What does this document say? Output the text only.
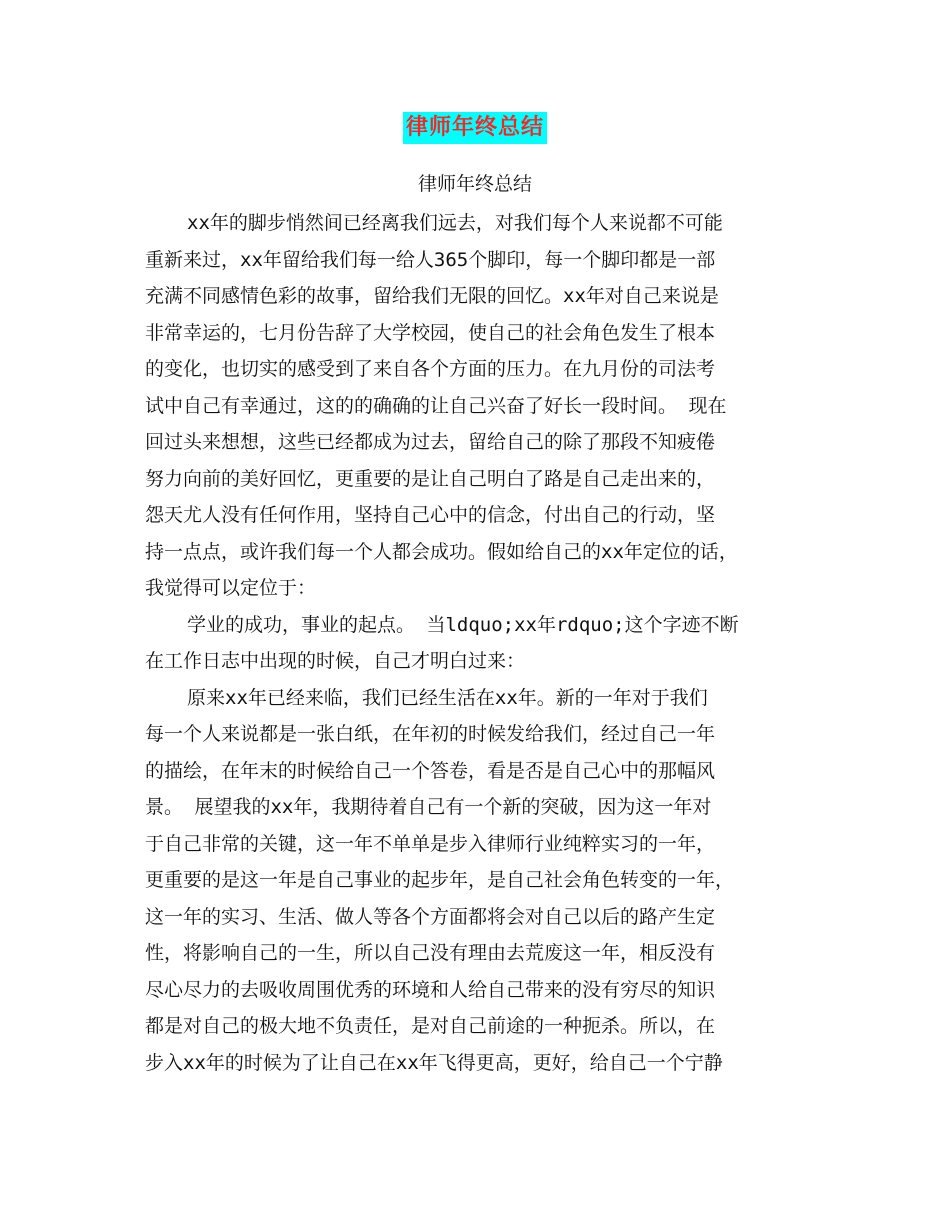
律师年终总结
律师年终总结
xx年的脚步悄然间已经离我们远去，对我们每个人来说都不可能
重新来过，xx年留给我们每一给人365个脚印，每一个脚印都是一部
充满不同感情色彩的故事，留给我们无限的回忆。xx年对自己来说是
非常幸运的，七月份告辞了大学校园，使自己的社会角色发生了根本
的变化，也切实的感受到了来自各个方面的压力。在九月份的司法考
试中自己有幸通过，这的的确确的让自己兴奋了好长一段时间。 现在
回过头来想想，这些已经都成为过去，留给自己的除了那段不知疲倦
努力向前的美好回忆，更重要的是让自己明白了路是自己走出来的，
怨天尤人没有任何作用，坚持自己心中的信念，付出自己的行动，坚
持一点点，或许我们每一个人都会成功。假如给自己的xx年定位的话，
我觉得可以定位于：
学业的成功，事业的起点。 当ldquo;xx年rdquo;这个字迹不断
在工作日志中出现的时候，自己才明白过来：
原来xx年已经来临，我们已经生活在xx年。新的一年对于我们
每一个人来说都是一张白纸，在年初的时候发给我们，经过自己一年
的描绘，在年末的时候给自己一个答卷，看是否是自己心中的那幅风
景。 展望我的xx年，我期待着自己有一个新的突破，因为这一年对
于自己非常的关键，这一年不单单是步入律师行业纯粹实习的一年，
更重要的是这一年是自己事业的起步年，是自己社会角色转变的一年，
这一年的实习、生活、做人等各个方面都将会对自己以后的路产生定
性，将影响自己的一生，所以自己没有理由去荒废这一年，相反没有
尽心尽力的去吸收周围优秀的环境和人给自己带来的没有穷尽的知识
都是对自己的极大地不负责任，是对自己前途的一种扼杀。所以，在
步入xx年的时候为了让自己在xx年飞得更高，更好，给自己一个宁静
